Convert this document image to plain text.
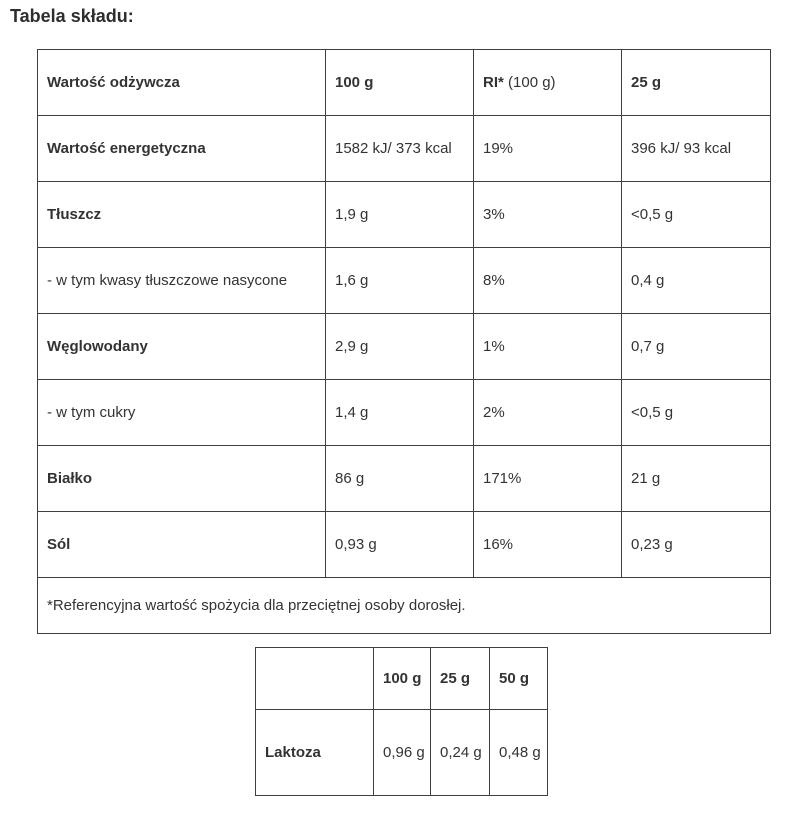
Tabela składu:
Wartość odżywcza	100 g	RI* (100 g)	25 g
Wartość energetyczna	1582 kJ/ 373 kcal	19%	396 kJ/ 93 kcal
Tłuszcz	1,9 g	3%	<0,5 g
- w tym kwasy tłuszczowe nasycone	1,6 g	8%	0,4 g
Węglowodany	2,9 g	1%	0,7 g
- w tym cukry	1,4 g	2%	<0,5 g
Białko	86 g	171%	21 g
Sól	0,93 g	16%	0,23 g
*Referencyjna wartość spożycia dla przeciętnej osoby dorosłej.			
	100 g	25 g	50 g
Laktoza	0,96 g	0,24 g	0,48 g
